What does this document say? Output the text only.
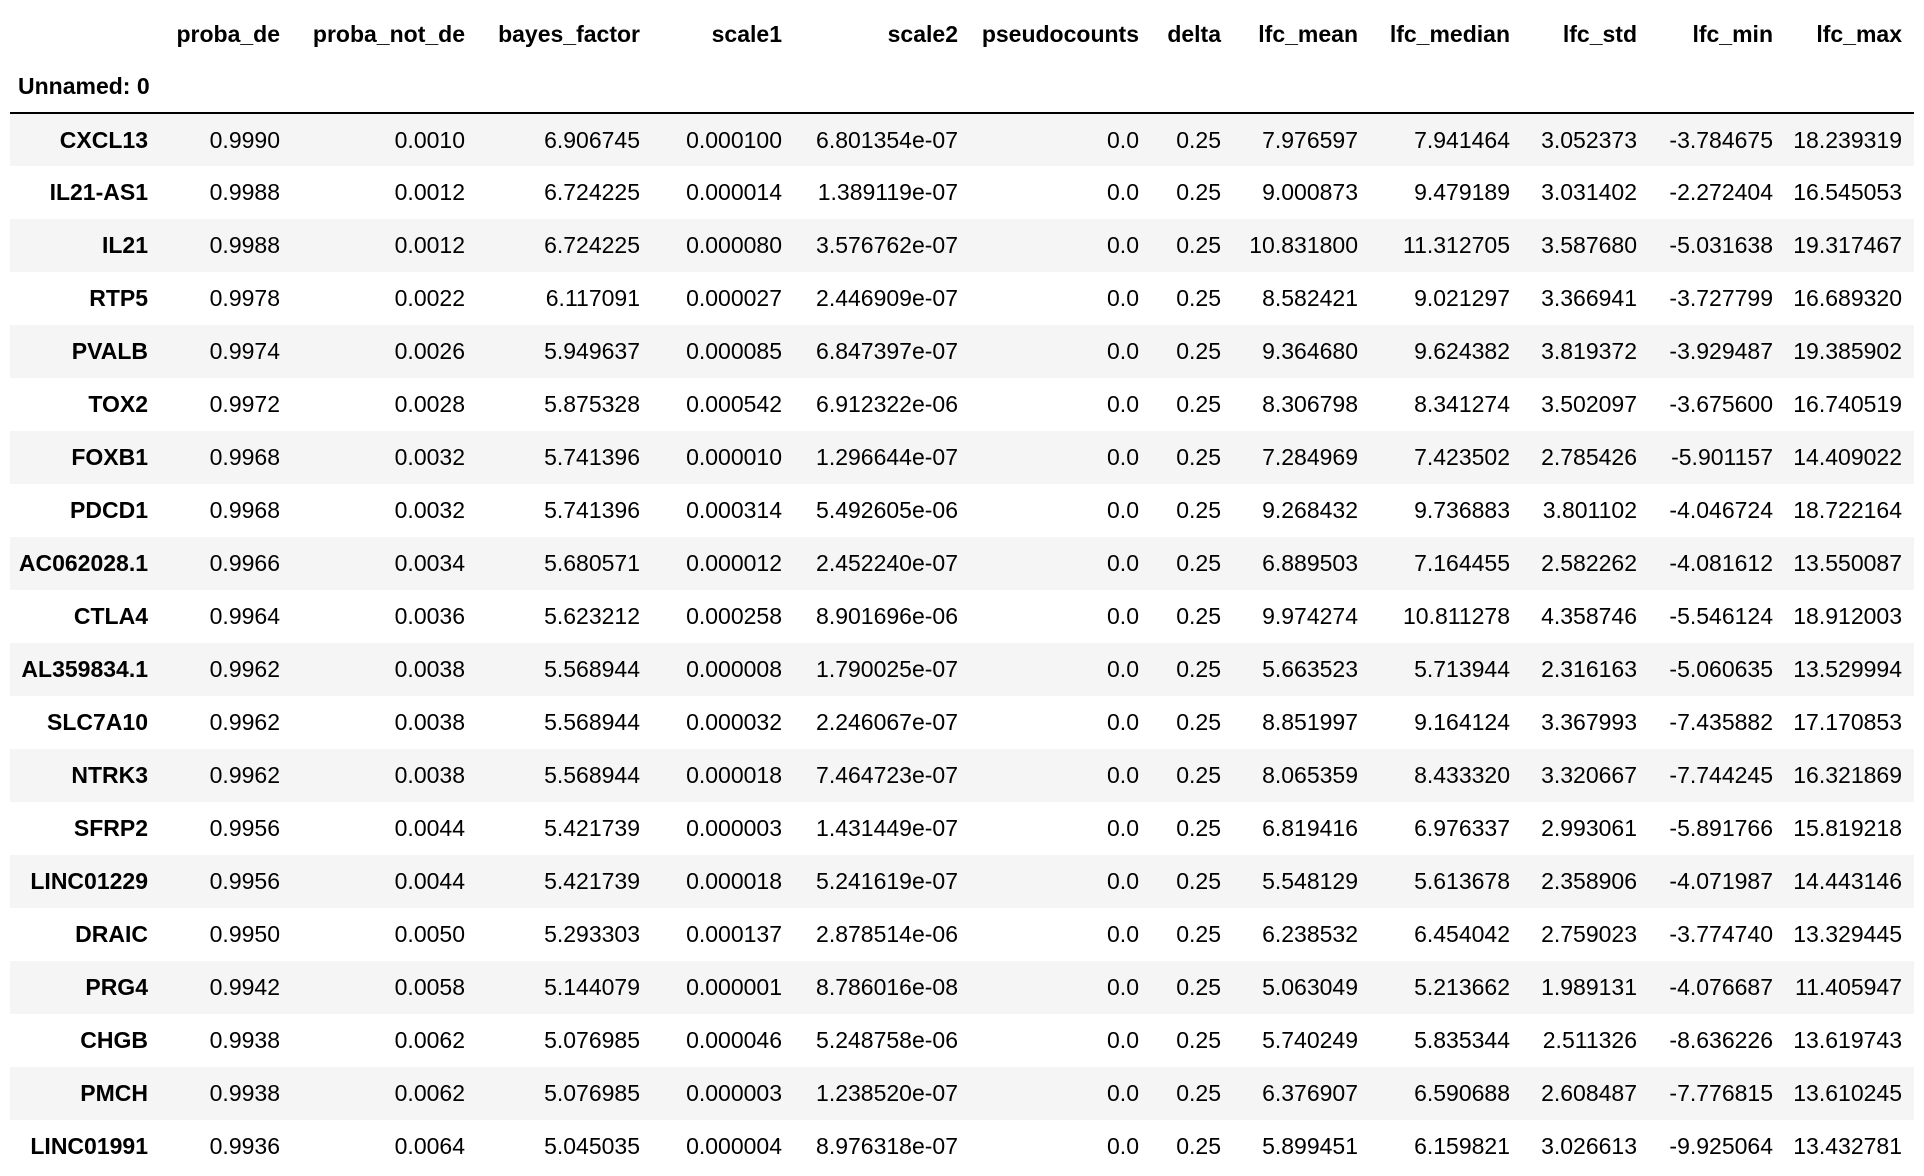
	proba_de	proba_not_de	bayes_factor	scale1	scale2	pseudocounts	delta	lfc_mean	lfc_median	lfc_std	lfc_min	lfc_max
Unnamed: 0												
CXCL13	0.9990	0.0010	6.906745	0.000100	6.801354e-07	0.0	0.25	7.976597	7.941464	3.052373	-3.784675	18.239319
IL21-AS1	0.9988	0.0012	6.724225	0.000014	1.389119e-07	0.0	0.25	9.000873	9.479189	3.031402	-2.272404	16.545053
IL21	0.9988	0.0012	6.724225	0.000080	3.576762e-07	0.0	0.25	10.831800	11.312705	3.587680	-5.031638	19.317467
RTP5	0.9978	0.0022	6.117091	0.000027	2.446909e-07	0.0	0.25	8.582421	9.021297	3.366941	-3.727799	16.689320
PVALB	0.9974	0.0026	5.949637	0.000085	6.847397e-07	0.0	0.25	9.364680	9.624382	3.819372	-3.929487	19.385902
TOX2	0.9972	0.0028	5.875328	0.000542	6.912322e-06	0.0	0.25	8.306798	8.341274	3.502097	-3.675600	16.740519
FOXB1	0.9968	0.0032	5.741396	0.000010	1.296644e-07	0.0	0.25	7.284969	7.423502	2.785426	-5.901157	14.409022
PDCD1	0.9968	0.0032	5.741396	0.000314	5.492605e-06	0.0	0.25	9.268432	9.736883	3.801102	-4.046724	18.722164
AC062028.1	0.9966	0.0034	5.680571	0.000012	2.452240e-07	0.0	0.25	6.889503	7.164455	2.582262	-4.081612	13.550087
CTLA4	0.9964	0.0036	5.623212	0.000258	8.901696e-06	0.0	0.25	9.974274	10.811278	4.358746	-5.546124	18.912003
AL359834.1	0.9962	0.0038	5.568944	0.000008	1.790025e-07	0.0	0.25	5.663523	5.713944	2.316163	-5.060635	13.529994
SLC7A10	0.9962	0.0038	5.568944	0.000032	2.246067e-07	0.0	0.25	8.851997	9.164124	3.367993	-7.435882	17.170853
NTRK3	0.9962	0.0038	5.568944	0.000018	7.464723e-07	0.0	0.25	8.065359	8.433320	3.320667	-7.744245	16.321869
SFRP2	0.9956	0.0044	5.421739	0.000003	1.431449e-07	0.0	0.25	6.819416	6.976337	2.993061	-5.891766	15.819218
LINC01229	0.9956	0.0044	5.421739	0.000018	5.241619e-07	0.0	0.25	5.548129	5.613678	2.358906	-4.071987	14.443146
DRAIC	0.9950	0.0050	5.293303	0.000137	2.878514e-06	0.0	0.25	6.238532	6.454042	2.759023	-3.774740	13.329445
PRG4	0.9942	0.0058	5.144079	0.000001	8.786016e-08	0.0	0.25	5.063049	5.213662	1.989131	-4.076687	11.405947
CHGB	0.9938	0.0062	5.076985	0.000046	5.248758e-06	0.0	0.25	5.740249	5.835344	2.511326	-8.636226	13.619743
PMCH	0.9938	0.0062	5.076985	0.000003	1.238520e-07	0.0	0.25	6.376907	6.590688	2.608487	-7.776815	13.610245
LINC01991	0.9936	0.0064	5.045035	0.000004	8.976318e-07	0.0	0.25	5.899451	6.159821	3.026613	-9.925064	13.432781
